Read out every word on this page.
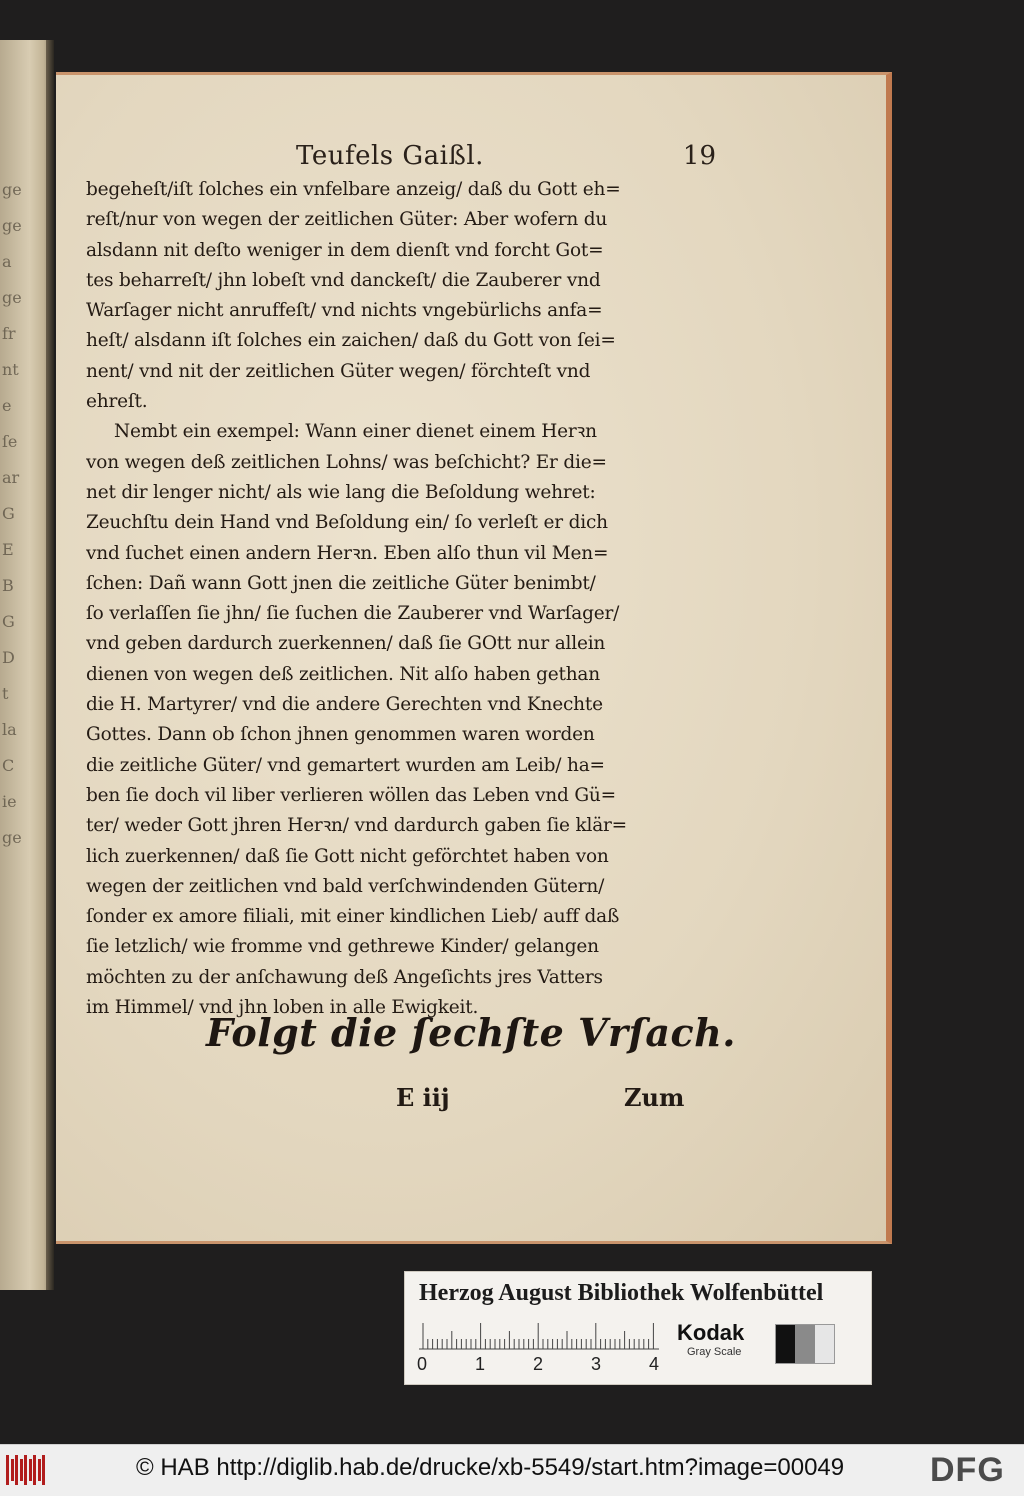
ge
ge
a
ge
fr
nt
e
ſe
ar
G
E
B
G
D
t
la
C
ie
ge
Teufels Gaißl.	19
begeheſt/iſt ſolches ein vnfelbare anzeig/ daß du Gott eh=
reſt/nur von wegen der zeitlichen Güter: Aber wofern du
alsdann nit deſto weniger in dem dienſt vnd forcht Got=
tes beharreſt/ jhn lobeſt vnd danckeſt/ die Zauberer vnd
Warſager nicht anruffeſt/ vnd nichts vngebürlichs anfa=
heſt/ alsdann iſt ſolches ein zaichen/ daß du Gott von ſei=
nent/ vnd nit der zeitlichen Güter wegen/ förchteſt vnd
ehreſt.
Nembt ein exempel: Wann einer dienet einem Herꝛn
von wegen deß zeitlichen Lohns/ was beſchicht? Er die=
net dir lenger nicht/ als wie lang die Beſoldung wehret:
Zeuchſtu dein Hand vnd Beſoldung ein/ ſo verleſt er dich
vnd ſuchet einen andern Herꝛn. Eben alſo thun vil Men=
ſchen: Dañ wann Gott jnen die zeitliche Güter benimbt/
ſo verlaſſen ſie jhn/ ſie ſuchen die Zauberer vnd Warſager/
vnd geben dardurch zuerkennen/ daß ſie GOtt nur allein
dienen von wegen deß zeitlichen. Nit alſo haben gethan
die H. Martyrer/ vnd die andere Gerechten vnd Knechte
Gottes. Dann ob ſchon jhnen genommen waren worden
die zeitliche Güter/ vnd gemartert wurden am Leib/ ha=
ben ſie doch vil liber verlieren wöllen das Leben vnd Gü=
ter/ weder Gott jhren Herꝛn/ vnd dardurch gaben ſie klär=
lich zuerkennen/ daß ſie Gott nicht geförchtet haben von
wegen der zeitlichen vnd bald verſchwindenden Gütern/
ſonder ex amore filiali, mit einer kindlichen Lieb/ auff daß
ſie letzlich/ wie fromme vnd gethrewe Kinder/ gelangen
möchten zu der anſchawung deß Angeſichts jres Vatters
im Himmel/ vnd jhn loben in alle Ewigkeit.
Folgt die ſechſte Vrſach.
E iij	Zum
Herzog August Bibliothek Wolfenbüttel
0	1	2	3	4
Kodak
Gray Scale
© HAB http://diglib.hab.de/drucke/xb-5549/start.htm?image=00049	DFG
